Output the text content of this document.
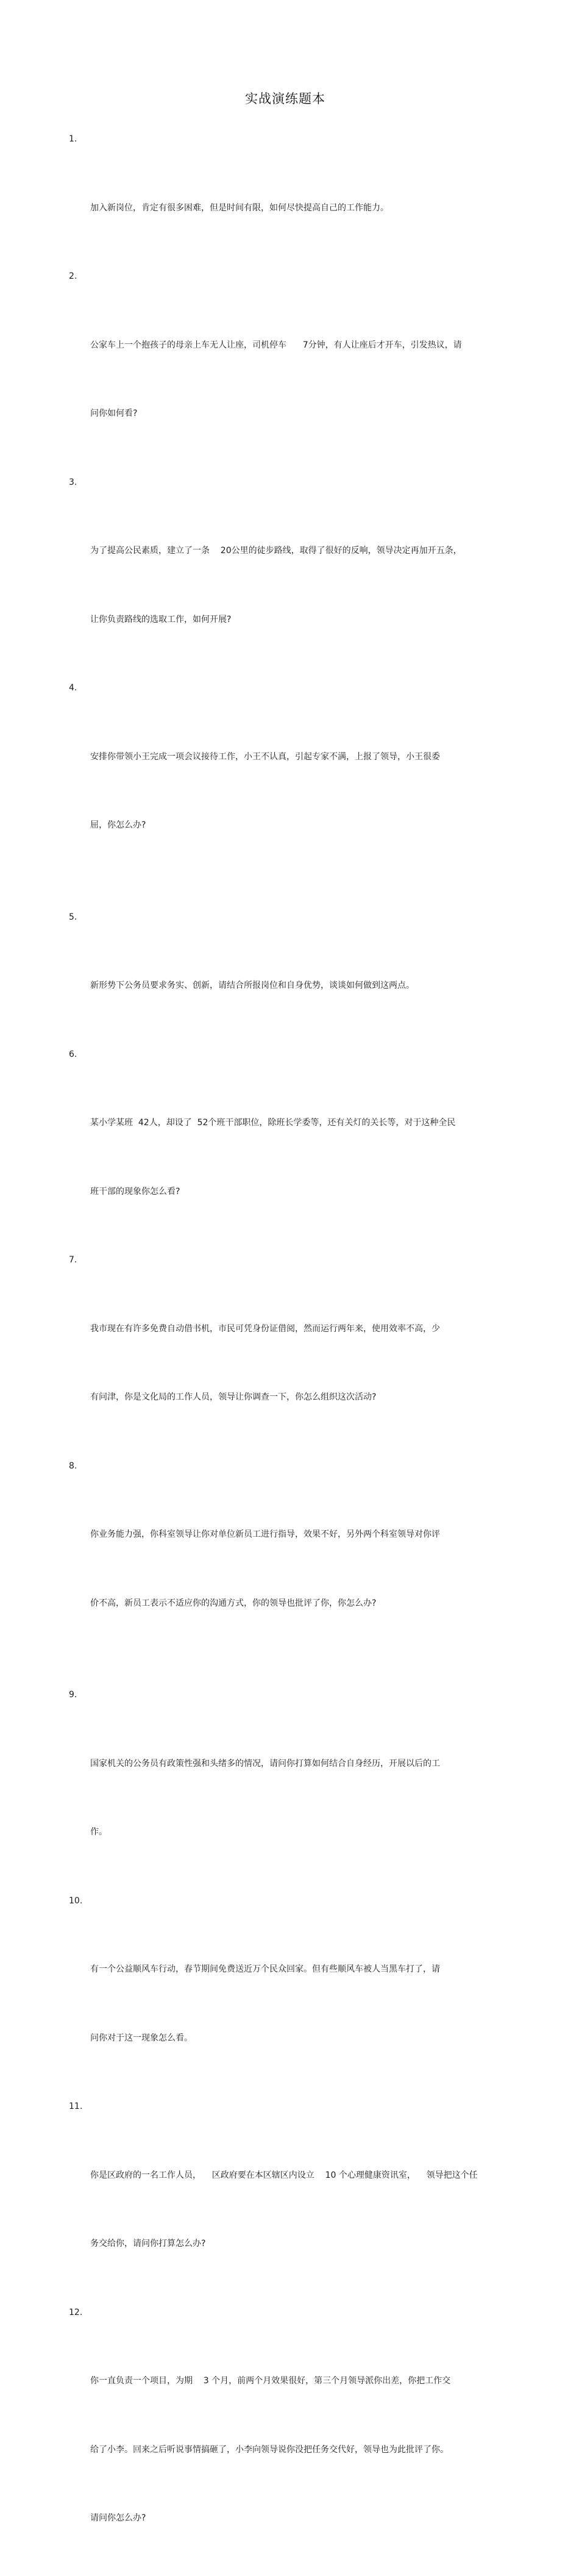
实战演练题本

1.

加入新岗位，肯定有很多困难，但是时间有限，如何尽快提高自己的工作能力。

2.

公家车上一个抱孩子的母亲上车无人让座，司机停车      7分钟，有人让座后才开车，引发热议，请

问你如何看?

3.

为了提高公民素质，建立了一条    20公里的徒步路线，取得了很好的反响，领导决定再加开五条，

让你负责路线的选取工作，如何开展?

4.

安排你带领小王完成一项会议接待工作，小王不认真，引起专家不满，上报了领导，小王很委

屈，你怎么办?

5.

新形势下公务员要求务实、创新，请结合所报岗位和自身优势，谈谈如何做到这两点。

6.

某小学某班  42人，却设了  52个班干部职位，除班长学委等，还有关灯的关长等，对于这种全民

班干部的现象你怎么看?

7.

我市现在有许多免费自动借书机，市民可凭身份证借阅，然而运行两年来，使用效率不高，少

有问津，你是文化局的工作人员，领导让你调查一下，你怎么组织这次活动?

8.

你业务能力强，你科室领导让你对单位新员工进行指导，效果不好，另外两个科室领导对你评

价不高，新员工表示不适应你的沟通方式，你的领导也批评了你，你怎么办?

9.

国家机关的公务员有政策性强和头绪多的情况，请问你打算如何结合自身经历，开展以后的工

作。

10.

有一个公益顺风车行动，春节期间免费送近万个民众回家。但有些顺风车被人当黑车打了，请

问你对于这一现象怎么看。

11.

你是区政府的一名工作人员，    区政府要在本区辖区内设立    10 个心理健康资讯室，    领导把这个任

务交给你，请问你打算怎么办?

12.

你一直负责一个项目，为期    3 个月，前两个月效果很好，第三个月领导派你出差，你把工作交

给了小李。回来之后听说事情搞砸了，小李向领导说你没把任务交代好，领导也为此批评了你。

请问你怎么办?
